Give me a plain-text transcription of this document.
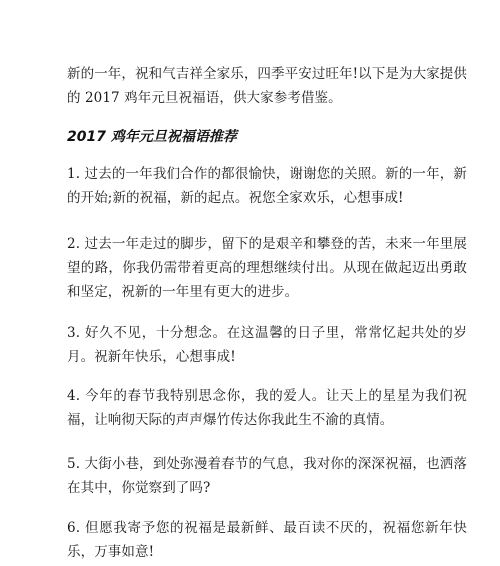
新的一年，祝和气吉祥全家乐，四季平安过旺年!以下是为大家提供的 2017 鸡年元旦祝福语，供大家参考借鉴。

2017 鸡年元旦祝福语推荐

1. 过去的一年我们合作的都很愉快，谢谢您的关照。新的一年，新的开始;新的祝福，新的起点。祝您全家欢乐，心想事成!

2. 过去一年走过的脚步，留下的是艰辛和攀登的苦，未来一年里展望的路，你我仍需带着更高的理想继续付出。从现在做起迈出勇敢和坚定，祝新的一年里有更大的进步。

3. 好久不见，十分想念。在这温馨的日子里，常常忆起共处的岁月。祝新年快乐，心想事成!

4. 今年的春节我特别思念你，我的爱人。让天上的星星为我们祝福，让响彻天际的声声爆竹传达你我此生不渝的真情。

5. 大街小巷，到处弥漫着春节的气息，我对你的深深祝福，也洒落在其中，你觉察到了吗?

6. 但愿我寄予您的祝福是最新鲜、最百读不厌的，祝福您新年快乐，万事如意!
